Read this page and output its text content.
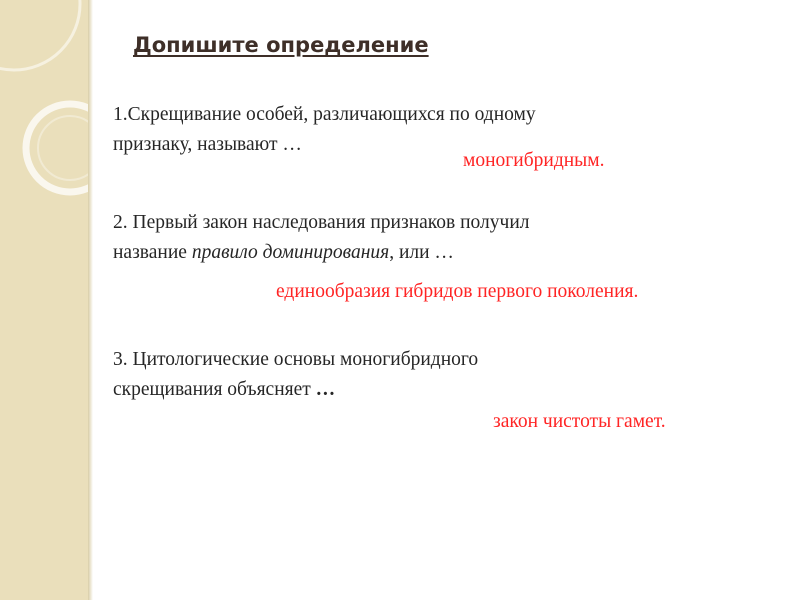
Допишите определение
1.Скрещивание особей, различающихся по одному
признаку, называют …
моногибридным.
2. Первый закон наследования признаков получил
название правило доминирования, или …
единообразия гибридов первого поколения.
3. Цитологические основы моногибридного
скрещивания объясняет …
закон чистоты гамет.
